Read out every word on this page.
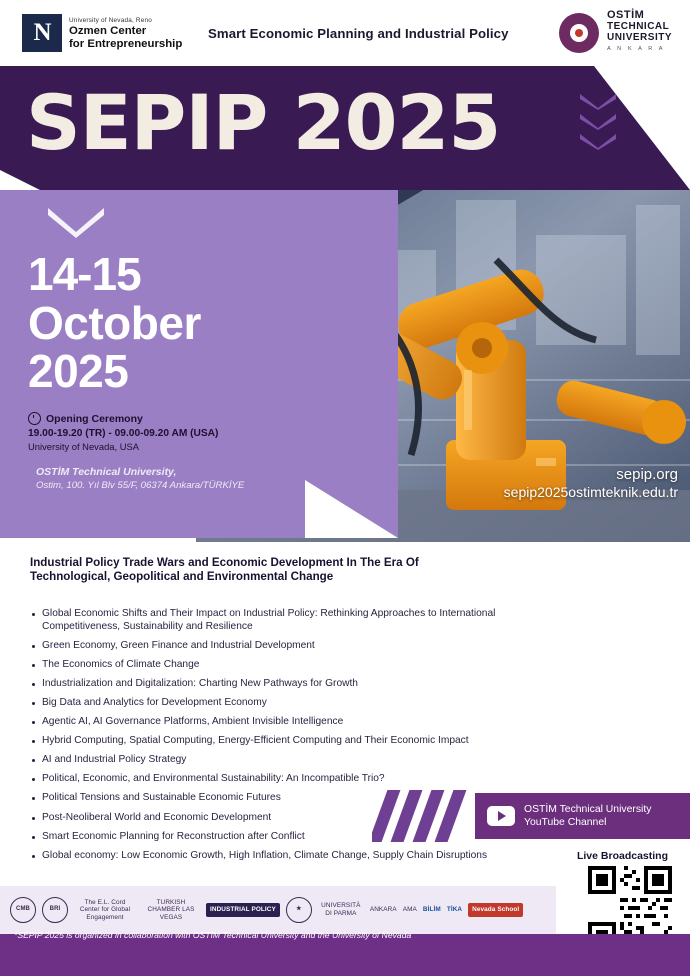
N	University of Nevada, Reno
Ozmen Center
for Entrepreneurship
Smart Economic Planning and Industrial Policy
OSTİM
TECHNICAL
UNIVERSITY
A N K A R A
SEPIP 2025
sepip.org
sepip2025ostimteknik.edu.tr
14-15
October
2025
Opening Ceremony
19.00-19.20 (TR) - 09.00-09.20 AM (USA)
University of Nevada, USA
OSTİM Technical University,
Ostim, 100. Yıl Blv 55/F, 06374 Ankara/TÜRKİYE
Industrial Policy Trade Wars and Economic Development In The Era Of Technological, Geopolitical and Environmental Change
Global Economic Shifts and Their Impact on Industrial Policy: Rethinking Approaches to International Competitiveness, Sustainability and Resilience
Green Economy, Green Finance and Industrial Development
The Economics of Climate Change
Industrialization and Digitalization: Charting New Pathways for Growth
Big Data and Analytics for Development Economy
Agentic AI, AI Governance Platforms, Ambient Invisible Intelligence
Hybrid Computing, Spatial Computing, Energy-Efficient Computing and Their Economic Impact
AI and Industrial Policy Strategy
Political, Economic, and Environmental Sustainability: An Incompatible Trio?
Political Tensions and Sustainable Economic Futures
Post-Neoliberal World and Economic Development
Smart Economic Planning for Reconstruction after Conflict
Global economy: Low Economic Growth, High Inflation, Climate Change, Supply Chain Disruptions
OSTİM Technical University
YouTube Channel
Live Broadcasting
CMB	BRI
The E.L. Cord Center for Global Engagement
TURKISH CHAMBER LAS VEGAS
INDUSTRIAL POLICY	★	UNIVERSITÀ DI PARMA
ANKARA AMA BİLİM TİKA	Nevada School
*SEPIP 2025 is organized in collaboration with OSTİM Technical University and the University of Nevada
